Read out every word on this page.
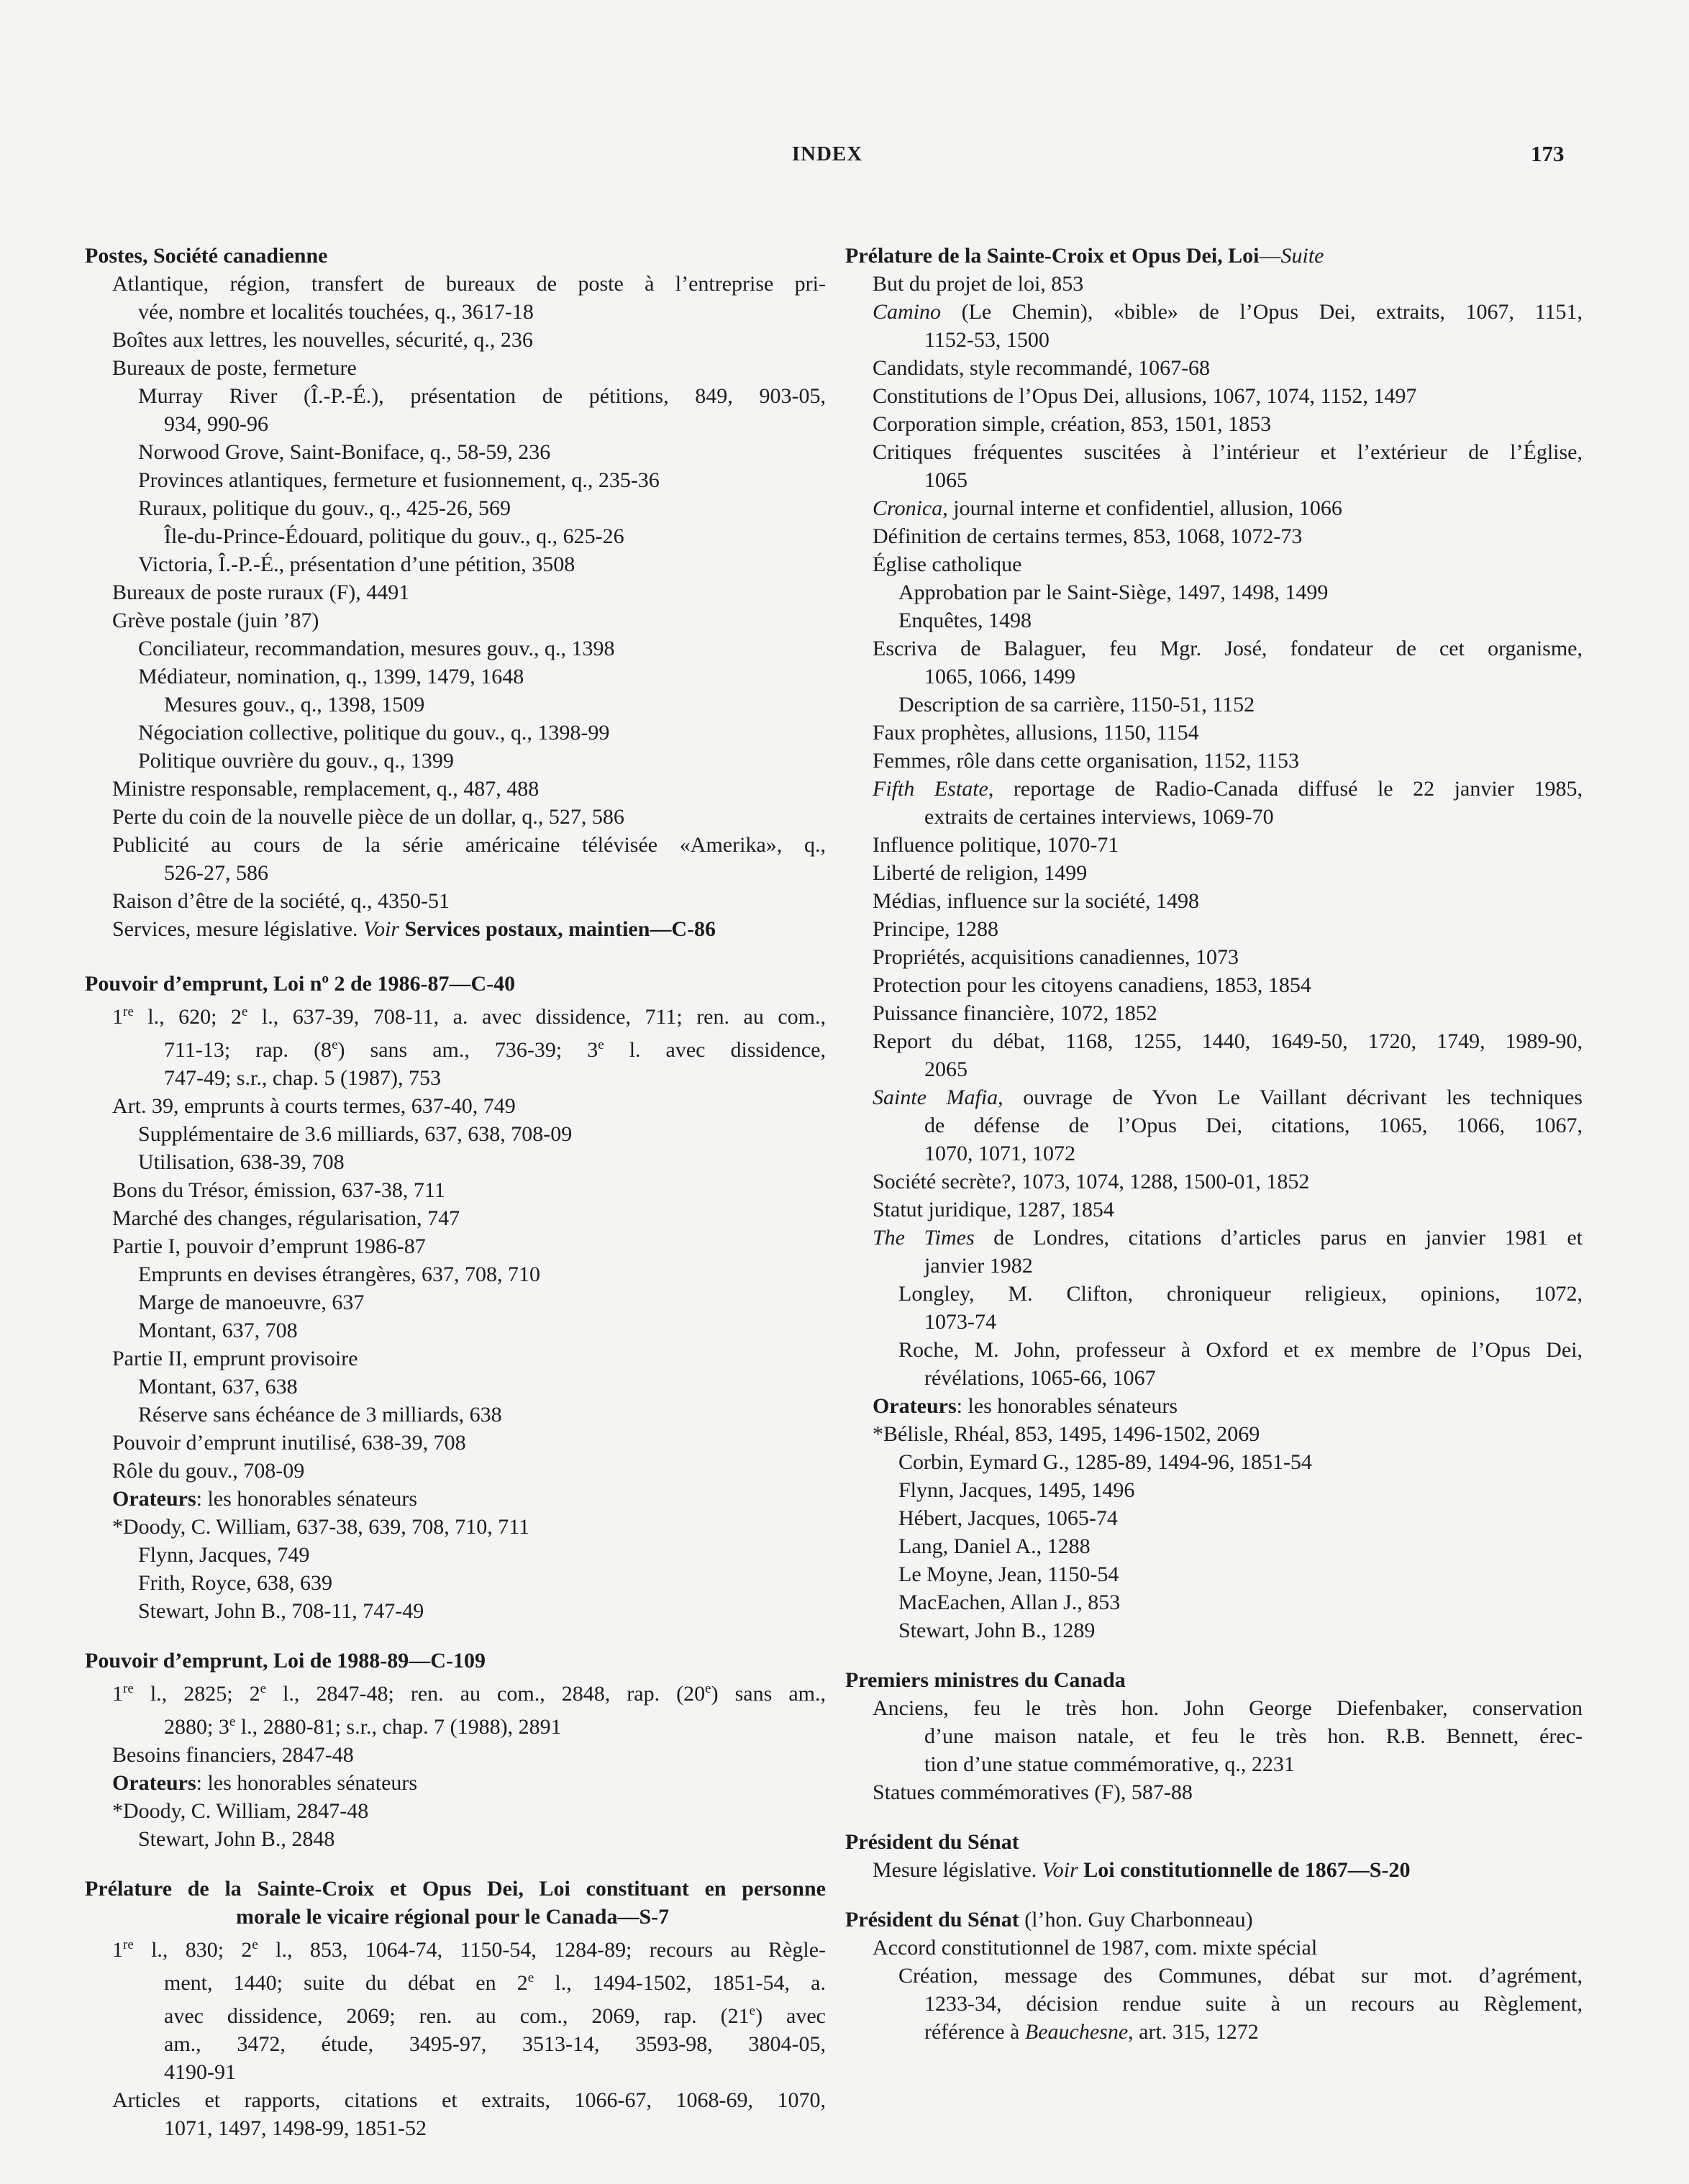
INDEX	173
Postes, Société canadienne
Atlantique, région, transfert de bureaux de poste à l’entreprise pri-
vée, nombre et localités touchées, q., 3617-18
Boîtes aux lettres, les nouvelles, sécurité, q., 236
Bureaux de poste, fermeture
Murray River (Î.-P.-É.), présentation de pétitions, 849, 903-05,
934, 990-96
Norwood Grove, Saint-Boniface, q., 58-59, 236
Provinces atlantiques, fermeture et fusionnement, q., 235-36
Ruraux, politique du gouv., q., 425-26, 569
Île-du-Prince-Édouard, politique du gouv., q., 625-26
Victoria, Î.-P.-É., présentation d’une pétition, 3508
Bureaux de poste ruraux (F), 4491
Grève postale (juin ’87)
Conciliateur, recommandation, mesures gouv., q., 1398
Médiateur, nomination, q., 1399, 1479, 1648
Mesures gouv., q., 1398, 1509
Négociation collective, politique du gouv., q., 1398-99
Politique ouvrière du gouv., q., 1399
Ministre responsable, remplacement, q., 487, 488
Perte du coin de la nouvelle pièce de un dollar, q., 527, 586
Publicité au cours de la série américaine télévisée «Amerika», q.,
526-27, 586
Raison d’être de la société, q., 4350-51
Services, mesure législative. Voir Services postaux, maintien—C-86
Pouvoir d’emprunt, Loi $n^o$ 2 de 1986-87—C-40
1re l., 620; 2e l., 637-39, 708-11, a. avec dissidence, 711; ren. au com.,
711-13; rap. (8e) sans am., 736-39; 3e l. avec dissidence,
747-49; s.r., chap. 5 (1987), 753
Art. 39, emprunts à courts termes, 637-40, 749
Supplémentaire de 3.6 milliards, 637, 638, 708-09
Utilisation, 638-39, 708
Bons du Trésor, émission, 637-38, 711
Marché des changes, régularisation, 747
Partie I, pouvoir d’emprunt 1986-87
Emprunts en devises étrangères, 637, 708, 710
Marge de manoeuvre, 637
Montant, 637, 708
Partie II, emprunt provisoire
Montant, 637, 638
Réserve sans échéance de 3 milliards, 638
Pouvoir d’emprunt inutilisé, 638-39, 708
Rôle du gouv., 708-09
Orateurs: les honorables sénateurs
*Doody, C. William, 637-38, 639, 708, 710, 711
Flynn, Jacques, 749
Frith, Royce, 638, 639
Stewart, John B., 708-11, 747-49
Pouvoir d’emprunt, Loi de 1988-89—C-109
1re l., 2825; 2e l., 2847-48; ren. au com., 2848, rap. (20e) sans am.,
2880; 3e l., 2880-81; s.r., chap. 7 (1988), 2891
Besoins financiers, 2847-48
Orateurs: les honorables sénateurs
*Doody, C. William, 2847-48
Stewart, John B., 2848
Prélature de la Sainte-Croix et Opus Dei, Loi constituant en personne
morale le vicaire régional pour le Canada—S-7
1re l., 830; 2e l., 853, 1064-74, 1150-54, 1284-89; recours au Règle-
ment, 1440; suite du débat en 2e l., 1494-1502, 1851-54, a.
avec dissidence, 2069; ren. au com., 2069, rap. (21e) avec
am., 3472, étude, 3495-97, 3513-14, 3593-98, 3804-05,
4190-91
Articles et rapports, citations et extraits, 1066-67, 1068-69, 1070,
1071, 1497, 1498-99, 1851-52
Prélature de la Sainte-Croix et Opus Dei, Loi—Suite
But du projet de loi, 853
Camino (Le Chemin), «bible» de l’Opus Dei, extraits, 1067, 1151,
1152-53, 1500
Candidats, style recommandé, 1067-68
Constitutions de l’Opus Dei, allusions, 1067, 1074, 1152, 1497
Corporation simple, création, 853, 1501, 1853
Critiques fréquentes suscitées à l’intérieur et l’extérieur de l’Église,
1065
Cronica, journal interne et confidentiel, allusion, 1066
Définition de certains termes, 853, 1068, 1072-73
Église catholique
Approbation par le Saint-Siège, 1497, 1498, 1499
Enquêtes, 1498
Escriva de Balaguer, feu Mgr. José, fondateur de cet organisme,
1065, 1066, 1499
Description de sa carrière, 1150-51, 1152
Faux prophètes, allusions, 1150, 1154
Femmes, rôle dans cette organisation, 1152, 1153
Fifth Estate, reportage de Radio-Canada diffusé le 22 janvier 1985,
extraits de certaines interviews, 1069-70
Influence politique, 1070-71
Liberté de religion, 1499
Médias, influence sur la société, 1498
Principe, 1288
Propriétés, acquisitions canadiennes, 1073
Protection pour les citoyens canadiens, 1853, 1854
Puissance financière, 1072, 1852
Report du débat, 1168, 1255, 1440, 1649-50, 1720, 1749, 1989-90,
2065
Sainte Mafia, ouvrage de Yvon Le Vaillant décrivant les techniques
de défense de l’Opus Dei, citations, 1065, 1066, 1067,
1070, 1071, 1072
Société secrète?, 1073, 1074, 1288, 1500-01, 1852
Statut juridique, 1287, 1854
The Times de Londres, citations d’articles parus en janvier 1981 et
janvier 1982
Longley, M. Clifton, chroniqueur religieux, opinions, 1072,
1073-74
Roche, M. John, professeur à Oxford et ex membre de l’Opus Dei,
révélations, 1065-66, 1067
Orateurs: les honorables sénateurs
*Bélisle, Rhéal, 853, 1495, 1496-1502, 2069
Corbin, Eymard G., 1285-89, 1494-96, 1851-54
Flynn, Jacques, 1495, 1496
Hébert, Jacques, 1065-74
Lang, Daniel A., 1288
Le Moyne, Jean, 1150-54
MacEachen, Allan J., 853
Stewart, John B., 1289
Premiers ministres du Canada
Anciens, feu le très hon. John George Diefenbaker, conservation
d’une maison natale, et feu le très hon. R.B. Bennett, érec-
tion d’une statue commémorative, q., 2231
Statues commémoratives (F), 587-88
Président du Sénat
Mesure législative. Voir Loi constitutionnelle de 1867—S-20
Président du Sénat (l’hon. Guy Charbonneau)
Accord constitutionnel de 1987, com. mixte spécial
Création, message des Communes, débat sur mot. d’agrément,
1233-34, décision rendue suite à un recours au Règlement,
référence à Beauchesne, art. 315, 1272
